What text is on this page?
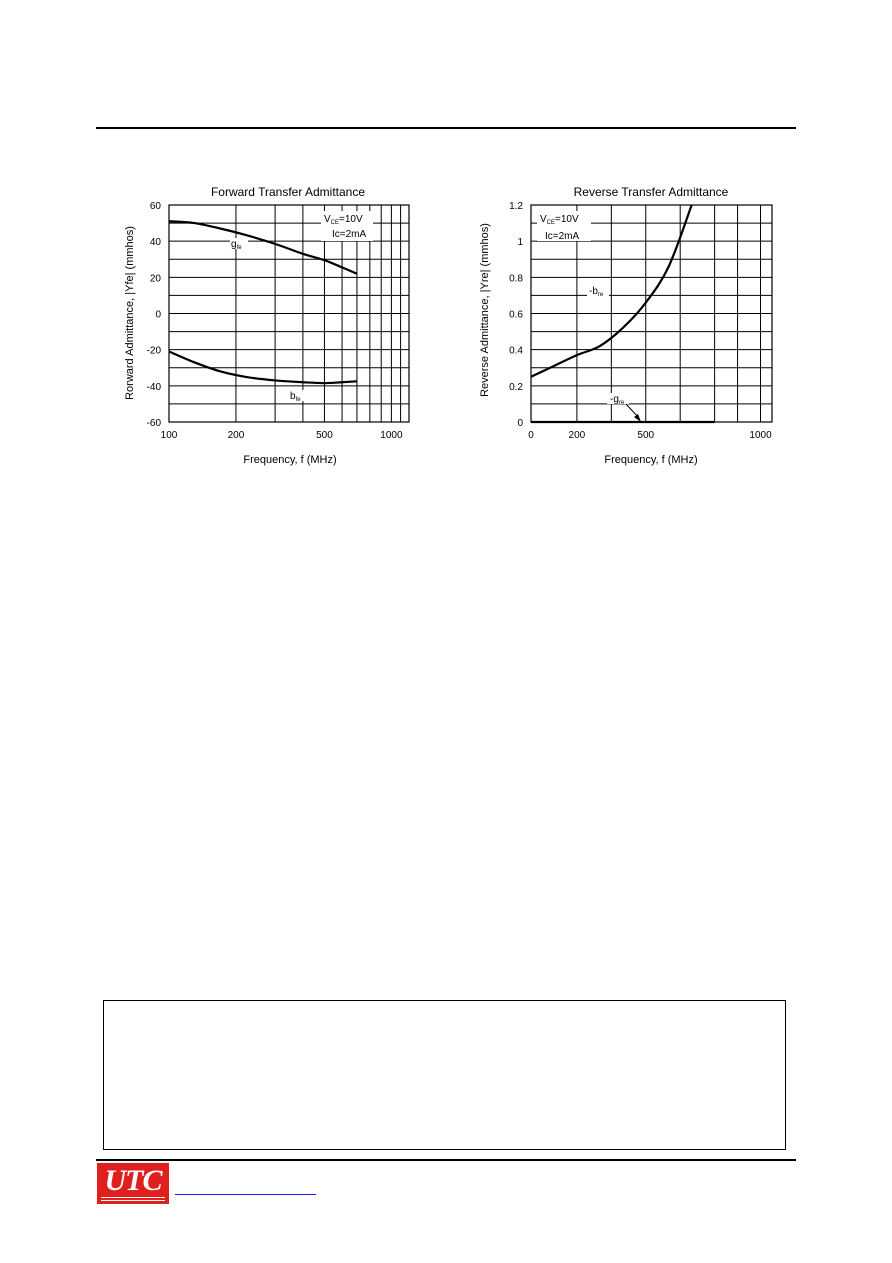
Forward Transfer Admittance
60
40
20
0
-20
-40
-60
100	200	500	1000
Frequency, f (MHz)
Rorward Admittance, |Yfe| (mmhos)
$V_{CE}=10V$
Ic=2mA
$g_{fe}$
$b_{fe}$
Reverse Transfer Admittance
1.2
1
0.8
0.6
0.4
0.2
0
0	200	500	1000
Frequency, f (MHz)
Reverse Admittance, |Yre| (mmhos)
$V_{CE}=10V$
Ic=2mA
$-b_{re}$
$-g_{re}$
UTC
